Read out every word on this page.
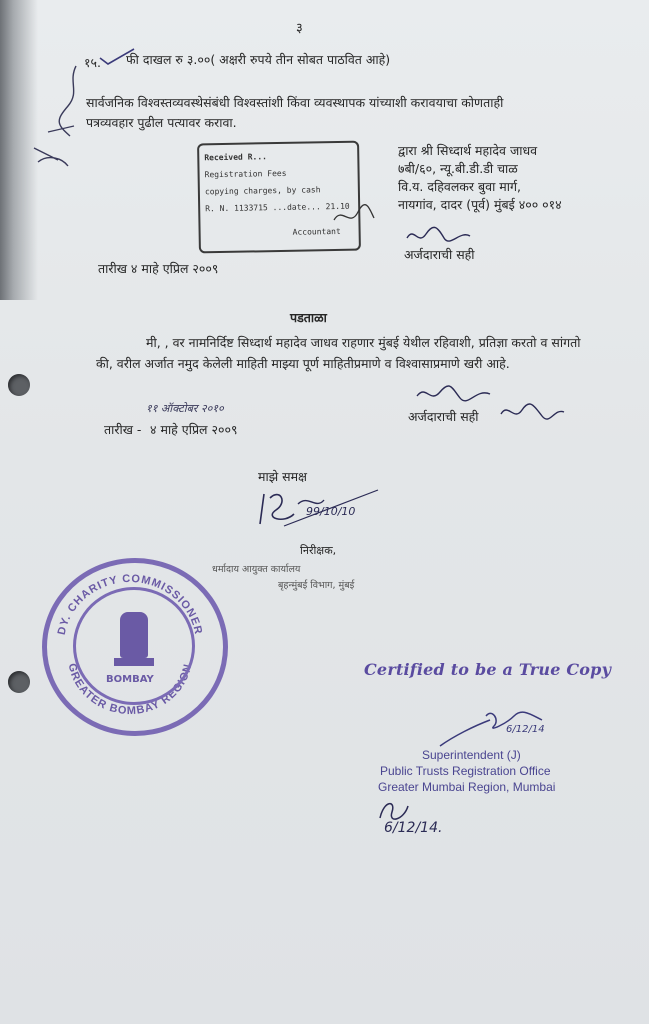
३
१५. फी दाखल रु ३.००( अक्षरी रुपये तीन सोबत पाठवित आहे)
सार्वजनिक विश्वस्तव्यवस्थेसंबंधी विश्वस्तांशी किंवा व्यवस्थापक यांच्याशी करावयाचा कोणताही
पत्रव्यवहार पुढील पत्यावर करावा.
Received R...
Registration Fees
copying charges, by cash
R. N. 1133715 ...date... 21.10
Accountant
द्वारा श्री सिध्दार्थ महादेव जाधव
७बी/६०, न्यू.बी.डी.डी चाळ
वि.य. दहिवलकर बुवा मार्ग,
नायगांव, दादर (पूर्व) मुंबई ४०० ०१४
अर्जदाराची सही
तारीख ४ माहे एप्रिल २००९
पडताळा
मी, , वर नामनिर्दिष्ट सिध्दार्थ महादेव जाधव राहणार मुंबई येथील रहिवाशी, प्रतिज्ञा करतो व सांगतो
की, वरील अर्जात नमुद केलेली माहिती माझ्या पूर्ण माहितीप्रमाणे व विश्वासाप्रमाणे खरी आहे.
अर्जदाराची सही
११ ऑक्टोबर २०१०
तारीख - ४ माहे एप्रिल २००९
माझे समक्ष
99/10/10
निरीक्षक,
धर्मादाय आयुक्त कार्यालय
बृहन्मुंबई विभाग, मुंबई
DY. CHARITY COMMISSIONER
GREATER BOMBAY REGION
BOMBAY
Certified to be a True Copy
6/12/14
Superintendent (J)
Public Trusts Registration Office
Greater Mumbai Region, Mumbai
6/12/14.
